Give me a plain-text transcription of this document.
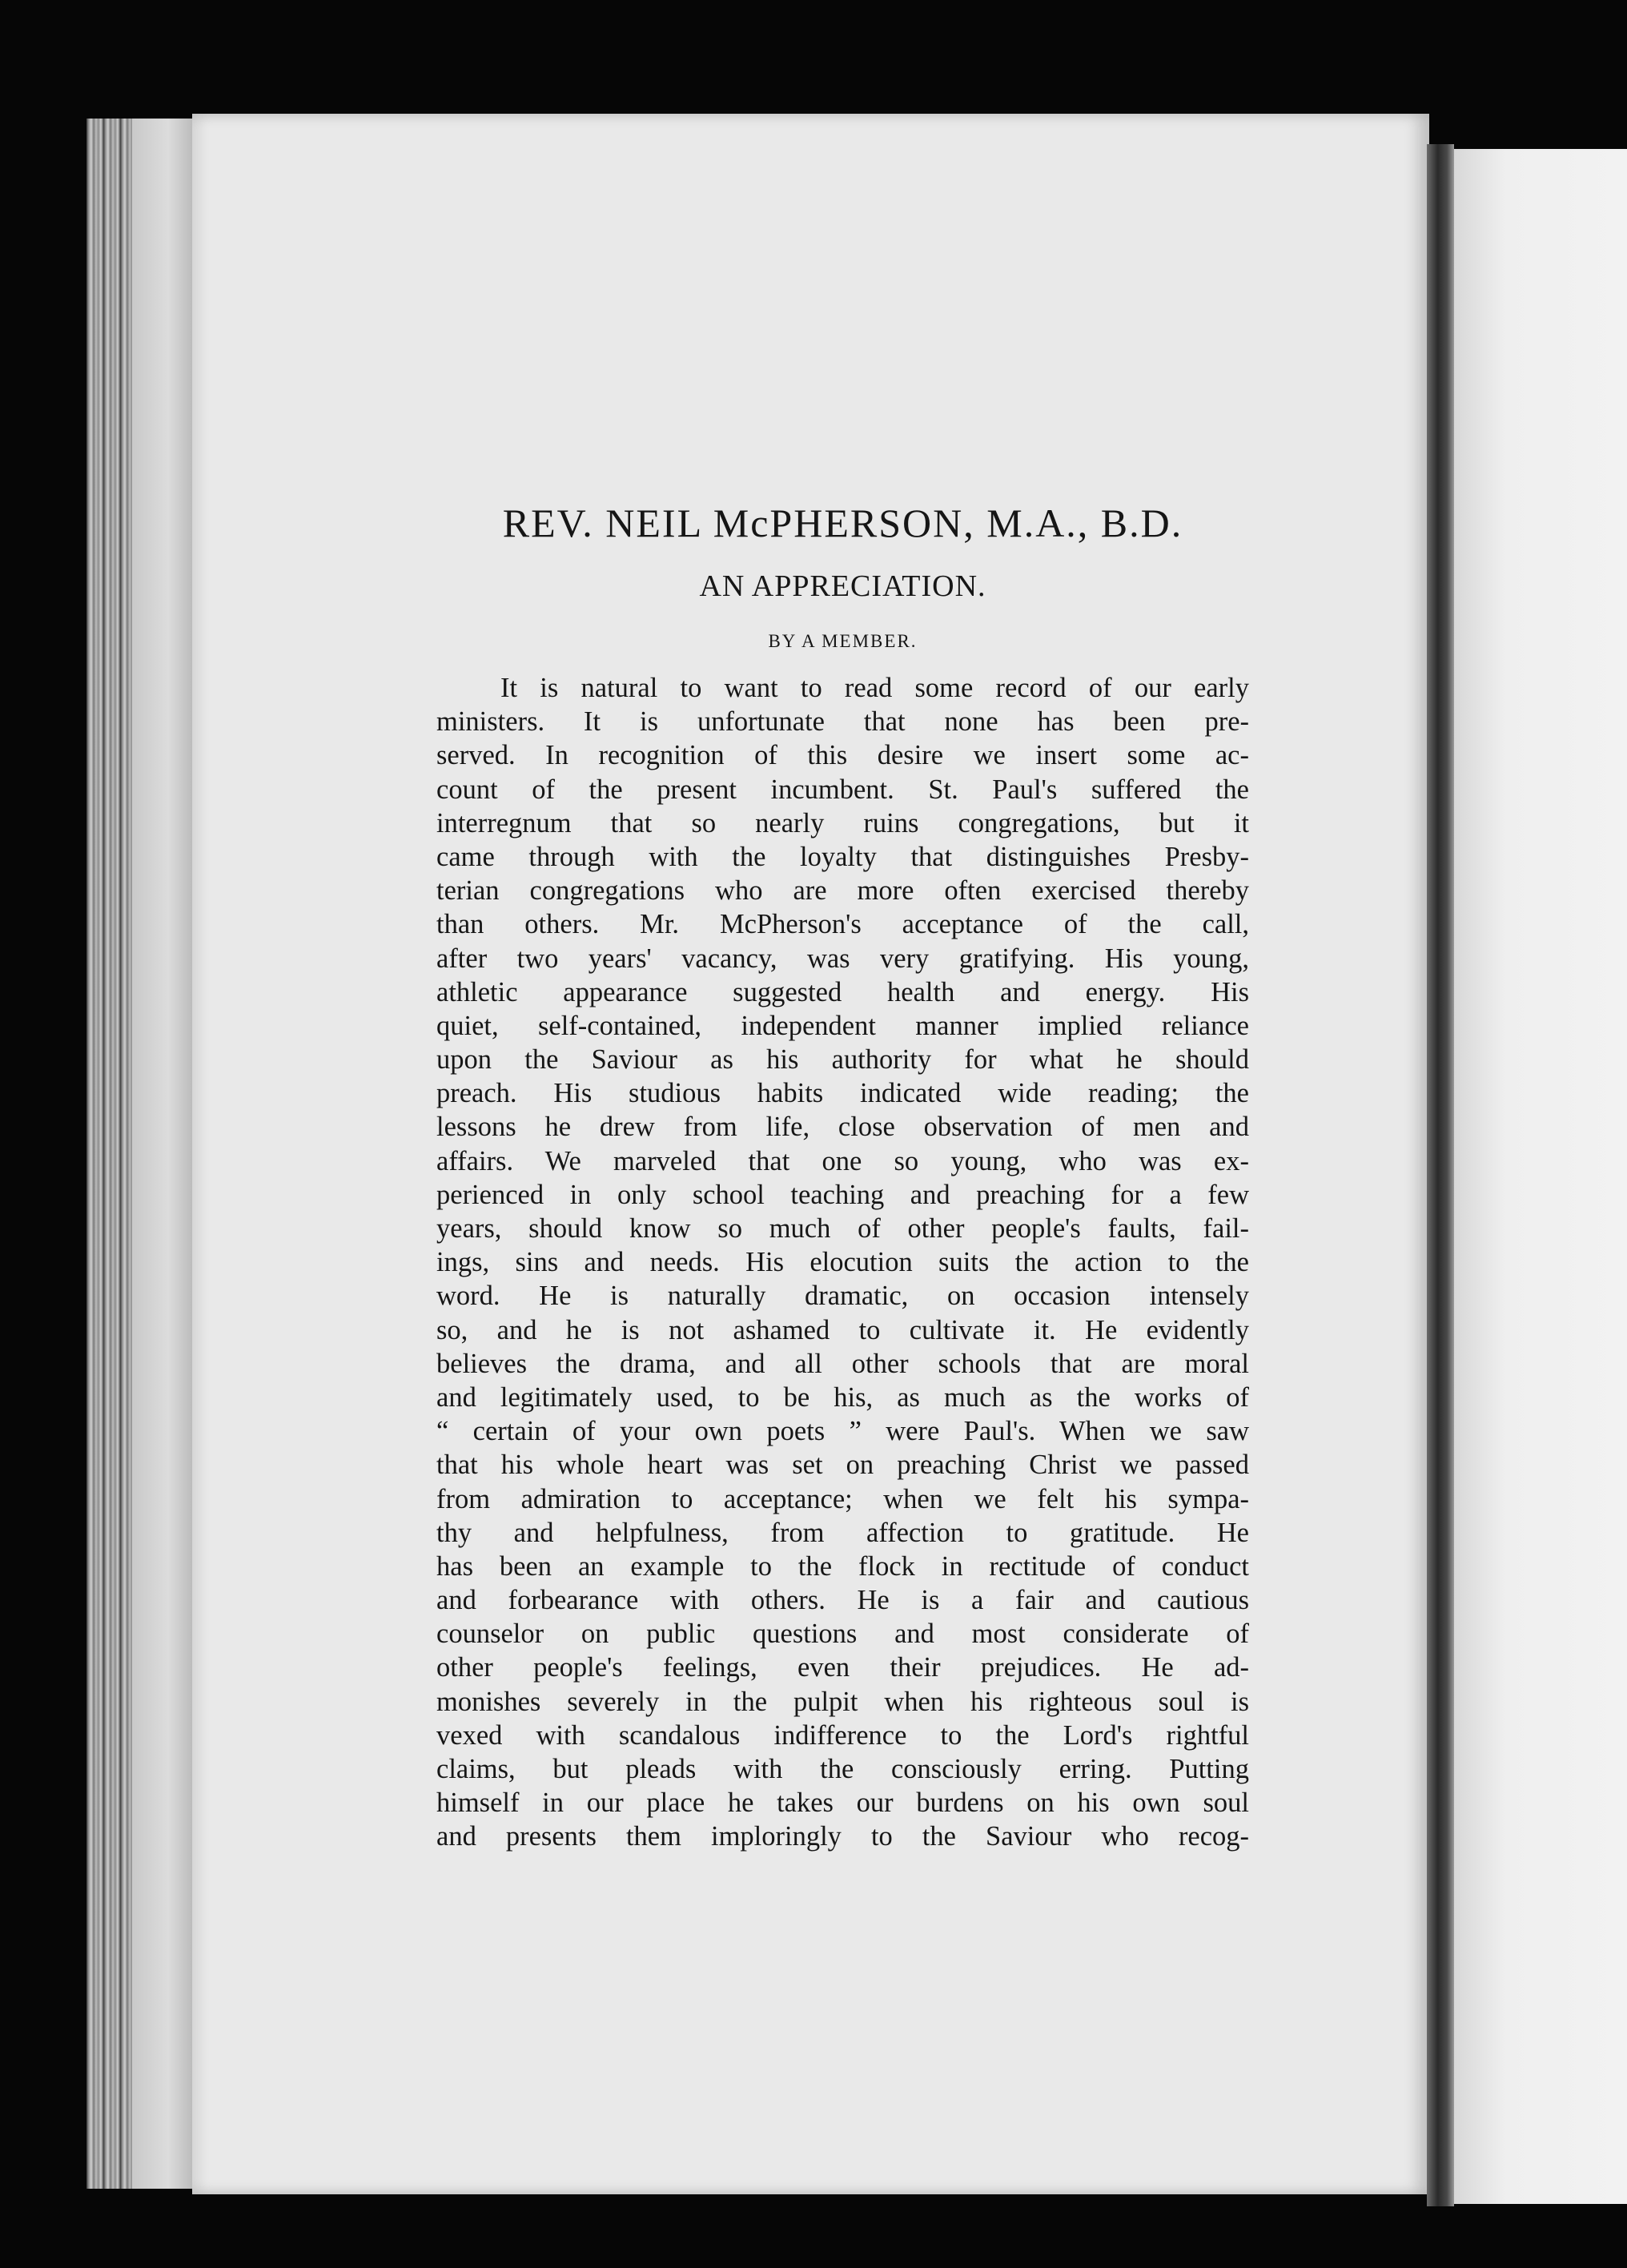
REV. NEIL McPHERSON, M.A., B.D.
AN APPRECIATION.
BY A MEMBER.
It is natural to want to read some record of our early
ministers. It is unfortunate that none has been pre-
served. In recognition of this desire we insert some ac-
count of the present incumbent. St. Paul's suffered the
interregnum that so nearly ruins congregations, but it
came through with the loyalty that distinguishes Presby-
terian congregations who are more often exercised thereby
than others. Mr. McPherson's acceptance of the call,
after two years' vacancy, was very gratifying. His young,
athletic appearance suggested health and energy. His
quiet, self-contained, independent manner implied reliance
upon the Saviour as his authority for what he should
preach. His studious habits indicated wide reading; the
lessons he drew from life, close observation of men and
affairs. We marveled that one so young, who was ex-
perienced in only school teaching and preaching for a few
years, should know so much of other people's faults, fail-
ings, sins and needs. His elocution suits the action to the
word. He is naturally dramatic, on occasion intensely
so, and he is not ashamed to cultivate it. He evidently
believes the drama, and all other schools that are moral
and legitimately used, to be his, as much as the works of
“ certain of your own poets ” were Paul's. When we saw
that his whole heart was set on preaching Christ we passed
from admiration to acceptance; when we felt his sympa-
thy and helpfulness, from affection to gratitude. He
has been an example to the flock in rectitude of conduct
and forbearance with others. He is a fair and cautious
counselor on public questions and most considerate of
other people's feelings, even their prejudices. He ad-
monishes severely in the pulpit when his righteous soul is
vexed with scandalous indifference to the Lord's rightful
claims, but pleads with the consciously erring. Putting
himself in our place he takes our burdens on his own soul
and presents them imploringly to the Saviour who recog-
